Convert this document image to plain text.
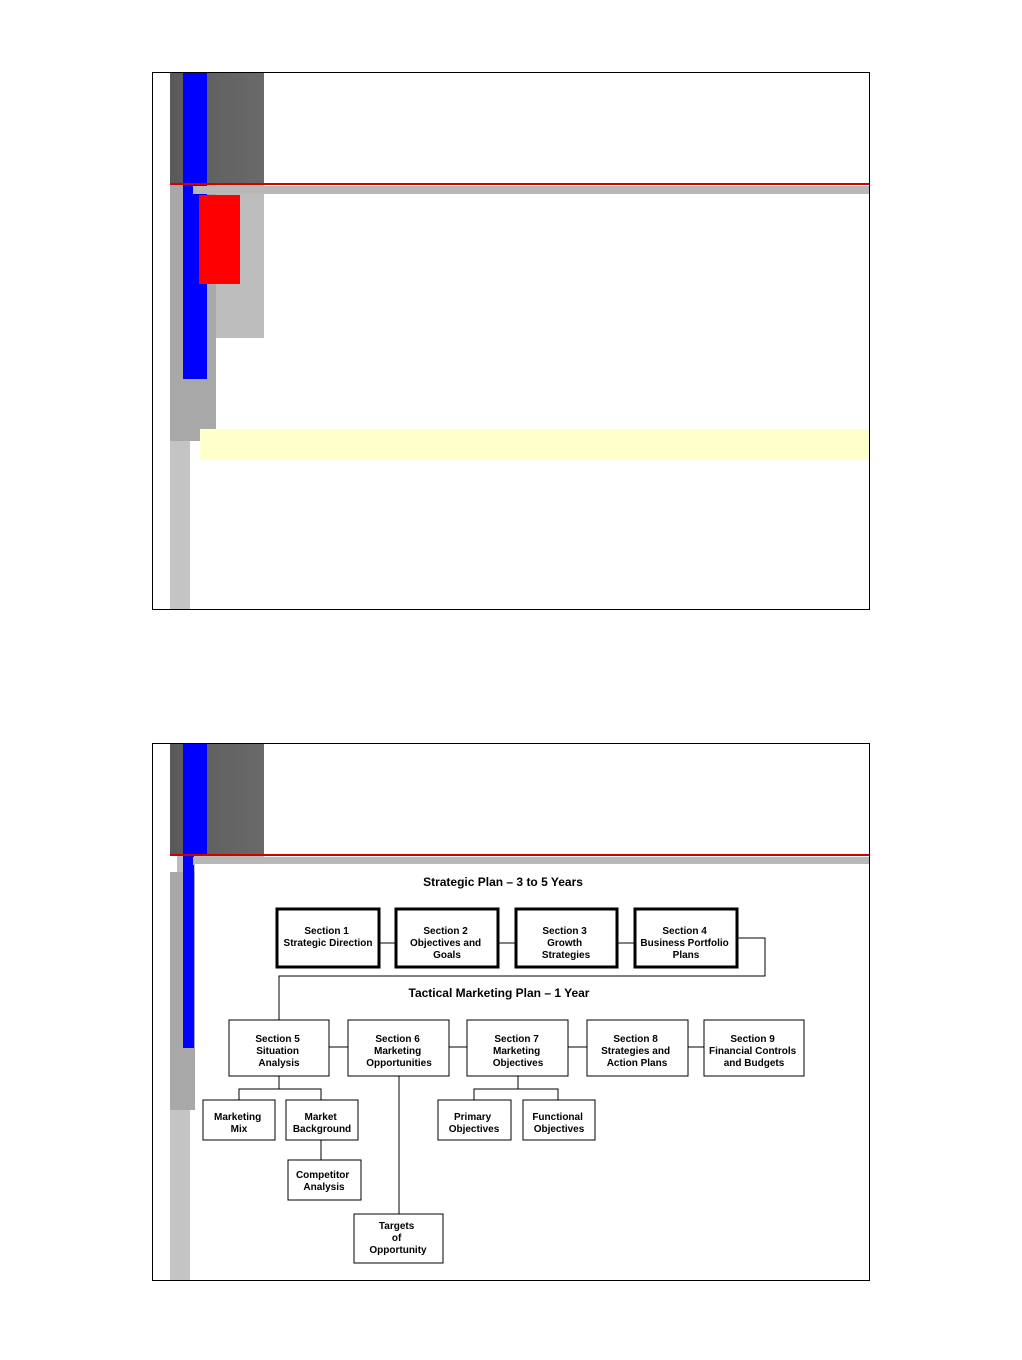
Strategic Plan – 3 to 5 Years
Tactical Marketing Plan – 1 Year
Section 1 Strategic Direction
Section 2 Objectives and Goals
Section 3 Growth Strategies
Section 4 Business Portfolio Plans
Section 5 Situation Analysis
Section 6 Marketing Opportunities
Section 7 Marketing Objectives
Section 8 Strategies and Action Plans
Section 9 Financial Controls and Budgets
Marketing Mix
Market Background
Competitor Analysis
Targets of Opportunity
Primary Objectives
Functional Objectives
